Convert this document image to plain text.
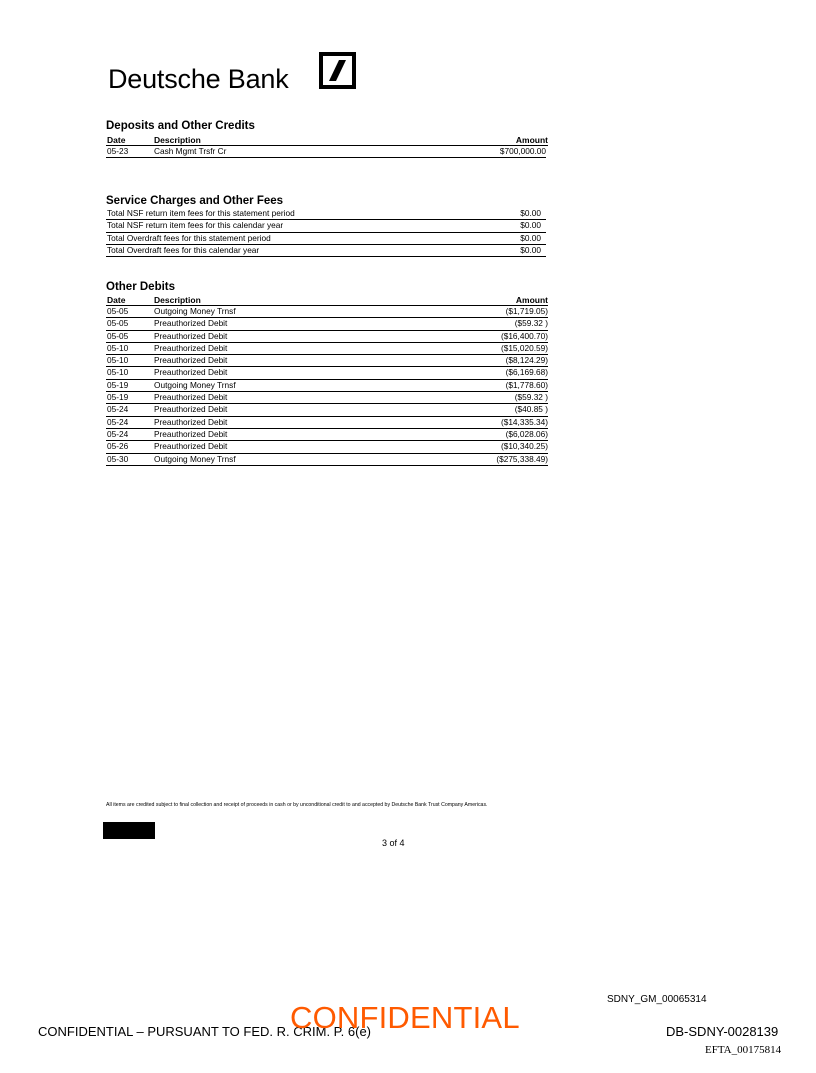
Deutsche Bank
Deposits and Other Credits
Date	Description	Amount
05-23	Cash Mgmt Trsfr Cr	$700,000.00
Service Charges and Other Fees
Total NSF return item fees for this statement period	$0.00
Total NSF return item fees for this calendar year	$0.00
Total Overdraft fees for this statement period	$0.00
Total Overdraft fees for this calendar year	$0.00
Other Debits
Date	Description	Amount
05-05	Outgoing Money Trnsf	($1,719.05)
05-05	Preauthorized Debit	($59.32 )
05-05	Preauthorized Debit	($16,400.70)
05-10	Preauthorized Debit	($15,020.59)
05-10	Preauthorized Debit	($8,124.29)
05-10	Preauthorized Debit	($6,169.68)
05-19	Outgoing Money Trnsf	($1,778.60)
05-19	Preauthorized Debit	($59.32 )
05-24	Preauthorized Debit	($40.85 )
05-24	Preauthorized Debit	($14,335.34)
05-24	Preauthorized Debit	($6,028.06)
05-26	Preauthorized Debit	($10,340.25)
05-30	Outgoing Money Trnsf	($275,338.49)
All items are credited subject to final collection and receipt of proceeds in cash or by unconditional credit to and accepted by Deutsche Bank Trust Company Americas.
3 of 4
SDNY_GM_00065314
CONFIDENTIAL – PURSUANT TO FED. R. CRIM. P. 6(e)
CONFIDENTIAL	DB-SDNY-0028139
EFTA_00175814
